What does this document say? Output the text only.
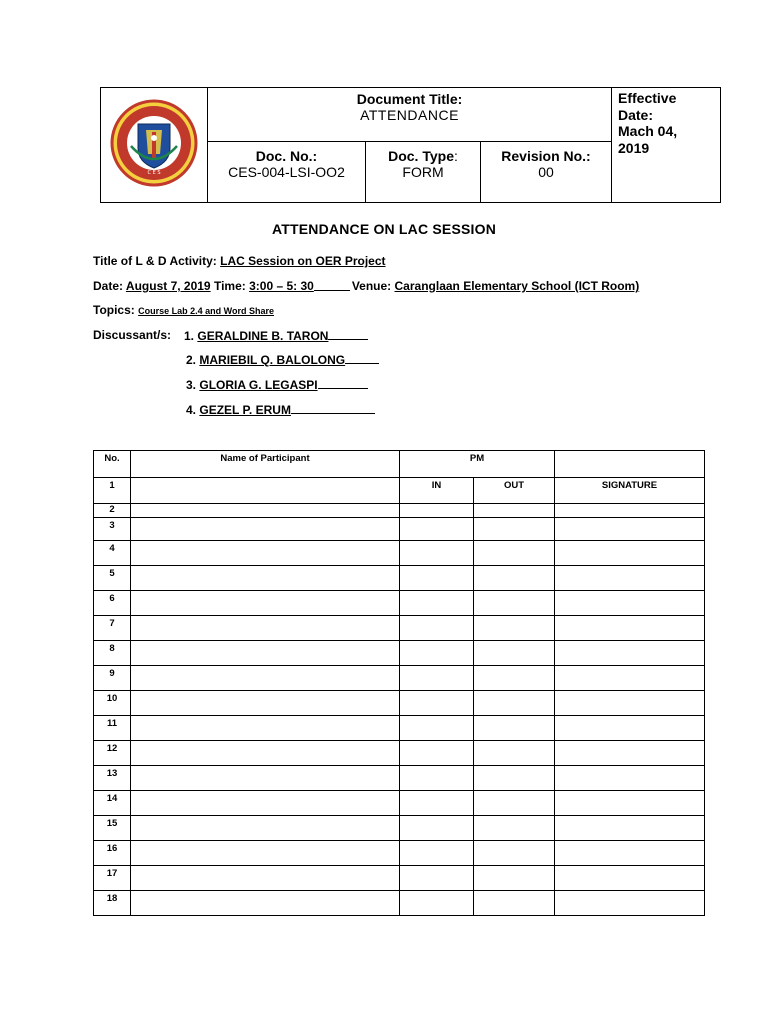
C E S
Document Title:
ATTENDANCE
Effective
Date:
Mach 04,
2019
Doc. No.:
CES-004-LSI-OO2
Doc. Type:
FORM
Revision No.:
00
ATTENDANCE ON LAC SESSION
Title of L & D Activity: LAC Session on OER Project
Date: August 7, 2019 Time: 3:00 – 5: 30	Venue: Caranglaan Elementary School (ICT Room)
Topics: Course Lab 2.4 and Word Share
Discussant/s: 1. GERALDINE B. TARON
2. MARIEBIL Q. BALOLONG
3. GLORIA G. LEGASPI
4. GEZEL P. ERUM
No.	Name of Participant	PM		
1		IN	OUT	SIGNATURE
2				
3				
4				
5				
6				
7				
8				
9				
10				
11				
12				
13				
14				
15				
16				
17				
18				
